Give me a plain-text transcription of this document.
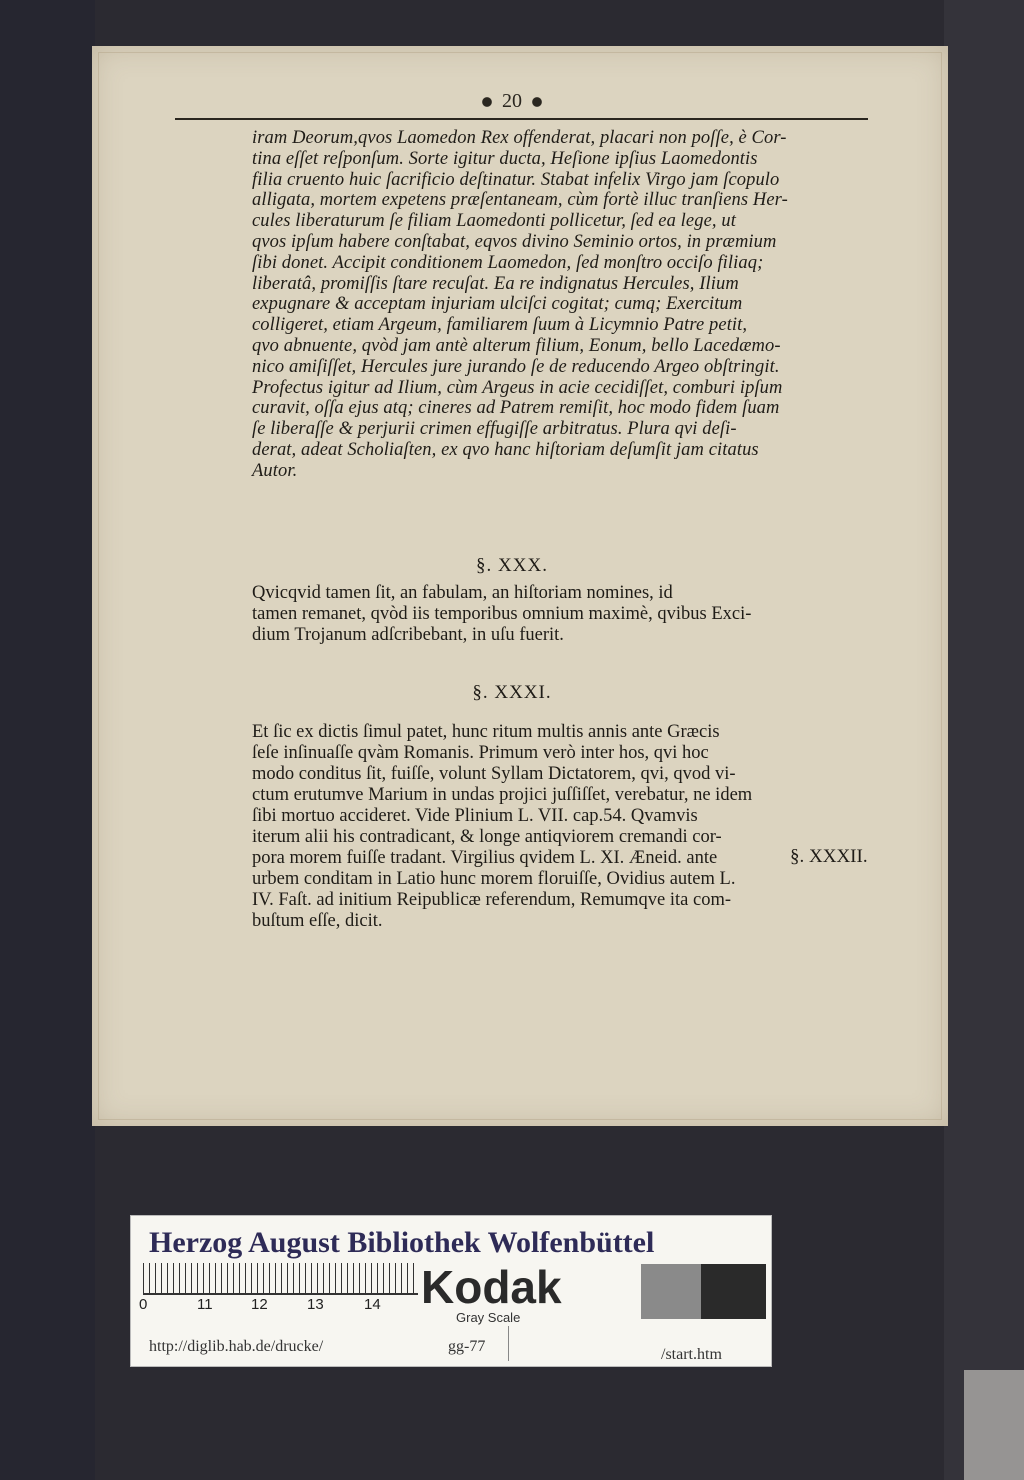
20
iram Deorum,qvos Laomedon Rex offenderat, placari non poſſe, è Cor-
tina eſſet reſponſum. Sorte igitur ducta, Heſione ipſius Laomedontis
filia cruento huic ſacrificio deſtinatur. Stabat infelix Virgo jam ſcopulo
alligata, mortem expetens præſentaneam, cùm fortè illuc tranſiens Her-
cules liberaturum ſe filiam Laomedonti pollicetur, ſed ea lege, ut
qvos ipſum habere conſtabat, eqvos divino Seminio ortos, in præmium
ſibi donet. Accipit conditionem Laomedon, ſed monſtro occiſo filiaq;
liberatâ, promiſſis ſtare recuſat. Ea re indignatus Hercules, Ilium
expugnare & acceptam injuriam ulciſci cogitat; cumq; Exercitum
colligeret, etiam Argeum, familiarem ſuum à Licymnio Patre petit,
qvo abnuente, qvòd jam antè alterum filium, Eonum, bello Lacedæmo-
nico amiſiſſet, Hercules jure jurando ſe de reducendo Argeo obſtringit.
Profectus igitur ad Ilium, cùm Argeus in acie cecidiſſet, comburi ipſum
curavit, oſſa ejus atq; cineres ad Patrem remiſit, hoc modo fidem ſuam
ſe liberaſſe & perjurii crimen effugiſſe arbitratus. Plura qvi deſi-
derat, adeat Scholiaſten, ex qvo hanc hiſtoriam deſumſit jam citatus
Autor.
§. XXX.
Qvicqvid tamen ſit, an fabulam, an hiſtoriam nomines, id
tamen remanet, qvòd iis temporibus omnium maximè, qvibus Exci-
dium Trojanum adſcribebant, in uſu fuerit.
§. XXXI.
Et ſic ex dictis ſimul patet, hunc ritum multis annis ante Græcis
ſeſe inſinuaſſe qvàm Romanis. Primum verò inter hos, qvi hoc
modo conditus ſit, fuiſſe, volunt Syllam Dictatorem, qvi, qvod vi-
ctum erutumve Marium in undas projici juſſiſſet, verebatur, ne idem
ſibi mortuo accideret. Vide Plinium L. VII. cap.54. Qvamvis
iterum alii his contradicant, & longe antiqviorem cremandi cor-
pora morem fuiſſe tradant. Virgilius qvidem L. XI. Æneid. ante
urbem conditam in Latio hunc morem floruiſſe, Ovidius autem L.
IV. Faſt. ad initium Reipublicæ referendum, Remumqve ita com-
buſtum eſſe, dicit.
§. XXXII.
Herzog August Bibliothek Wolfenbüttel
0	11	12	13	14 Kodak
Gray Scale
http://diglib.hab.de/drucke/	gg-77	/start.htm
